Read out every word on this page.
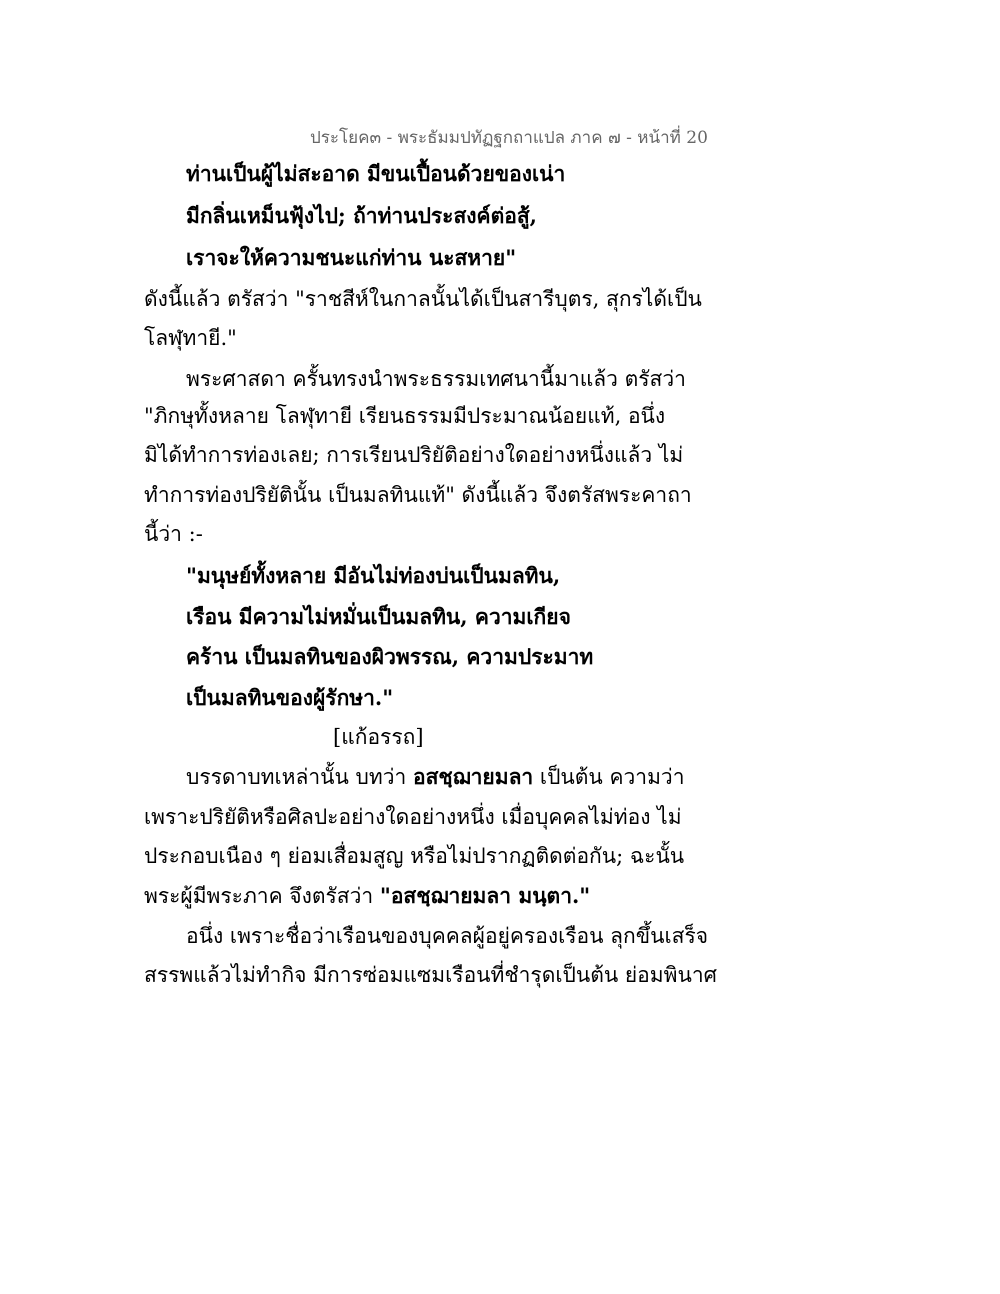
ประโยค๓ - พระธัมมปทัฏฐกถาแปล ภาค ๗ - หน้าที่ 20
ท่านเป็นผู้ไม่สะอาด มีขนเปื้อนด้วยของเน่า
มีกลิ่นเหม็นฟุ้งไป; ถ้าท่านประสงค์ต่อสู้,
เราจะให้ความชนะแก่ท่าน นะสหาย"
ดังนี้แล้ว ตรัสว่า "ราชสีห์ในกาลนั้นได้เป็นสารีบุตร, สุกรได้เป็น
โลฬุทายี."
พระศาสดา ครั้นทรงนำพระธรรมเทศนานี้มาแล้ว ตรัสว่า
"ภิกษุทั้งหลาย โลฬุทายี เรียนธรรมมีประมาณน้อยแท้, อนึ่ง
มิได้ทำการท่องเลย; การเรียนปริยัติอย่างใดอย่างหนึ่งแล้ว ไม่
ทำการท่องปริยัตินั้น เป็นมลทินแท้" ดังนี้แล้ว จึงตรัสพระคาถา
นี้ว่า :-
"มนุษย์ทั้งหลาย มีอันไม่ท่องบ่นเป็นมลทิน,
เรือน มีความไม่หมั่นเป็นมลทิน, ความเกียจ
คร้าน เป็นมลทินของผิวพรรณ, ความประมาท
เป็นมลทินของผู้รักษา."
[แก้อรรถ]
บรรดาบทเหล่านั้น บทว่า อสชฺฌายมลา เป็นต้น ความว่า
เพราะปริยัติหรือศิลปะอย่างใดอย่างหนึ่ง เมื่อบุคคลไม่ท่อง ไม่
ประกอบเนือง ๆ ย่อมเสื่อมสูญ หรือไม่ปรากฏติดต่อกัน; ฉะนั้น
พระผู้มีพระภาค จึงตรัสว่า "อสชฺฌายมลา มนฺตา."
อนึ่ง เพราะชื่อว่าเรือนของบุคคลผู้อยู่ครองเรือน ลุกขึ้นเสร็จ
สรรพแล้วไม่ทำกิจ มีการซ่อมแซมเรือนที่ชำรุดเป็นต้น ย่อมพินาศ
